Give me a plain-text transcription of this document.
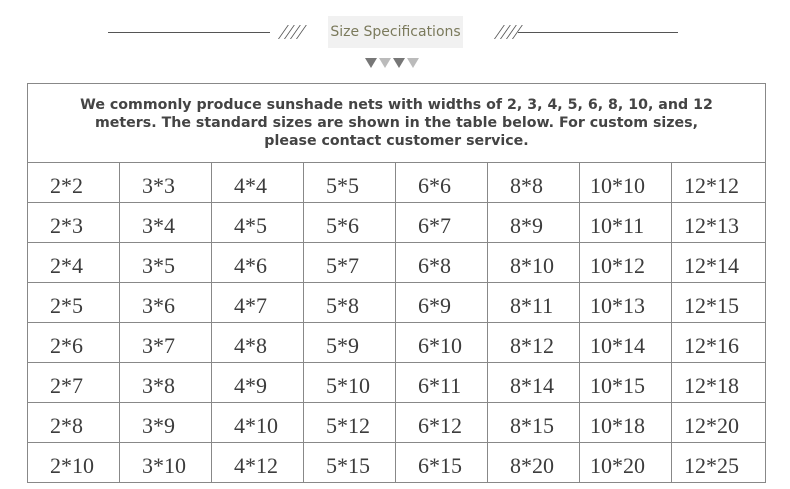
Size Specifications
We commonly produce sunshade nets with widths of 2, 3, 4, 5, 6, 8, 10, and 12 meters. The standard sizes are shown in the table below. For custom sizes, please contact customer service.
2*2	3*3	4*4	5*5	6*6	8*8	10*10	12*12
2*3	3*4	4*5	5*6	6*7	8*9	10*11	12*13
2*4	3*5	4*6	5*7	6*8	8*10	10*12	12*14
2*5	3*6	4*7	5*8	6*9	8*11	10*13	12*15
2*6	3*7	4*8	5*9	6*10	8*12	10*14	12*16
2*7	3*8	4*9	5*10	6*11	8*14	10*15	12*18
2*8	3*9	4*10	5*12	6*12	8*15	10*18	12*20
2*10	3*10	4*12	5*15	6*15	8*20	10*20	12*25
